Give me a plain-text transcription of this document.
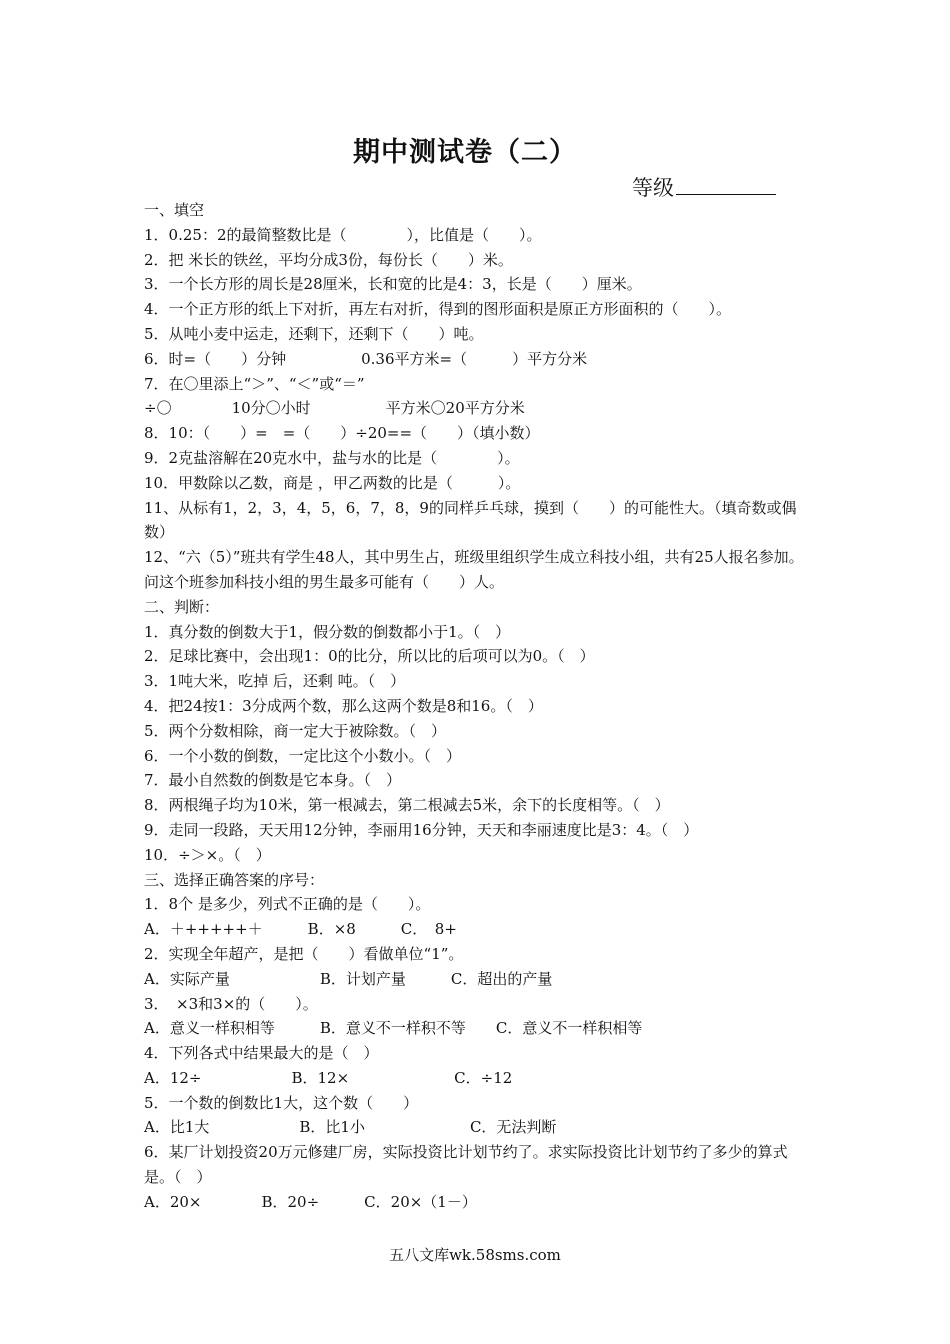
期中测试卷（二）
等级
一、填空
1．0.25：2的最简整数比是（　　　　），比值是（　　）。
2．把 米长的铁丝，平均分成3份，每份长（　　）米。
3．一个长方形的周长是28厘米，长和宽的比是4：3，长是（　　）厘米。
4．一个正方形的纸上下对折，再左右对折，得到的图形面积是原正方形面积的（　　）。
5．从吨小麦中运走，还剩下，还剩下（　　）吨。
6．时=（　　）分钟　　　　　0.36平方米=（　　　）平方分米
7．在〇里添上“＞”、“＜”或“＝”
÷〇　　　　10分〇小时　　　　　平方米〇20平方分米
8．10：（　　）=　=（　　）÷20==（　　）（填小数）
9．2克盐溶解在20克水中，盐与水的比是（　　　　）。
10．甲数除以乙数，商是 ，甲乙两数的比是（　　　）。
11、从标有1，2，3，4，5，6，7，8，9的同样乒乓球，摸到（　　）的可能性大。（填奇数或偶数）
12、“六（5）”班共有学生48人，其中男生占，班级里组织学生成立科技小组，共有25人报名参加。问这个班参加科技小组的男生最多可能有（　　）人。
二、判断：
1．真分数的倒数大于1，假分数的倒数都小于1。（　）
2．足球比赛中，会出现1：0的比分，所以比的后项可以为0。（　）
3．1吨大米，吃掉 后，还剩 吨。（　）
4．把24按1：3分成两个数，那么这两个数是8和16。（　）
5．两个分数相除，商一定大于被除数。（　）
6．一个小数的倒数，一定比这个小数小。（　）
7．最小自然数的倒数是它本身。（　）
8．两根绳子均为10米，第一根减去，第二根减去5米，余下的长度相等。（　）
9．走同一段路，天天用12分钟，李丽用16分钟，天天和李丽速度比是3：4。（　）
10．÷＞×。（　）
三、选择正确答案的序号：
1．8个 是多少，列式不正确的是（　　）。
A．＋+++++＋　　　B．×8　　　C．　8+
2．实现全年超产，是把（　　）看做单位“1”。
A．实际产量　　　　　　B．计划产量　　　C．超出的产量
3．　×3和3×的（　　）。
A．意义一样积相等　　　B．意义不一样积不等　　C．意义不一样积相等
4．下列各式中结果最大的是（　）
A．12÷　　　　　　B．12×　　　　　　　C．÷12
5．一个数的倒数比1大，这个数（　　）
A．比1大　　　　　　B．比1小　　　　　　　C．无法判断
6．某厂计划投资20万元修建厂房，实际投资比计划节约了。求实际投资比计划节约了多少的算式是。（　）
A．20×　　　　B．20÷　　　C．20×（1－）
五八文库wk.58sms.com
